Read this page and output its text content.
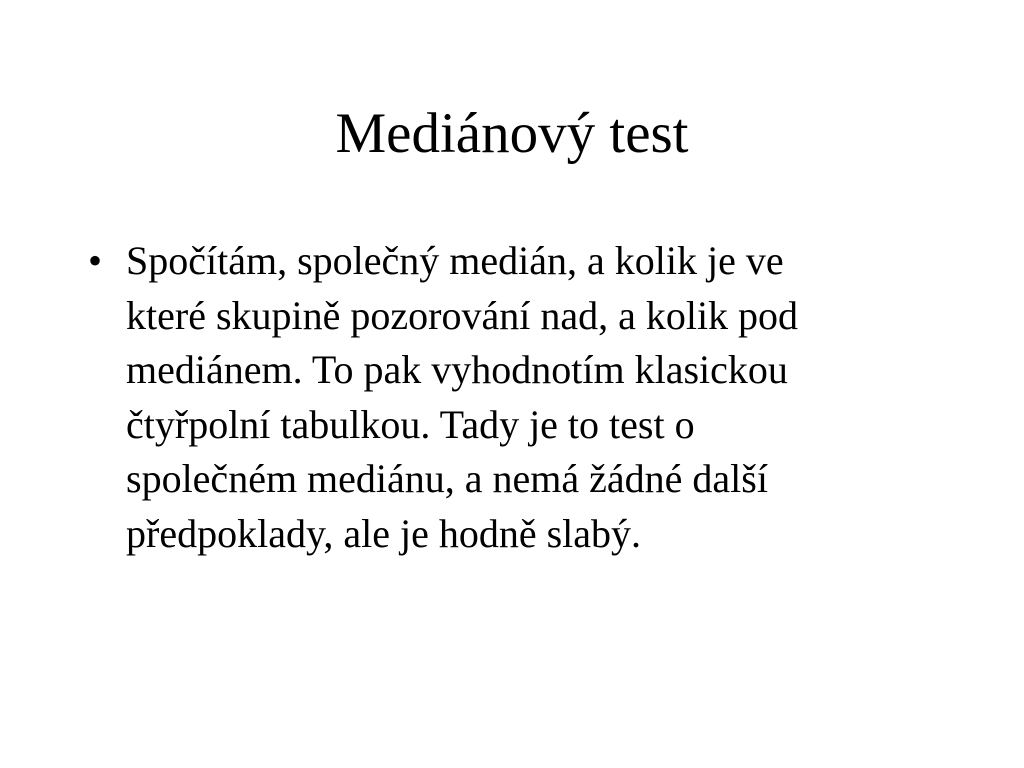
Mediánový test
• Spočítám, společný medián, a kolik je ve
které skupině pozorování nad, a kolik pod
mediánem. To pak vyhodnotím klasickou
čtyřpolní tabulkou. Tady je to test o
společném mediánu, a nemá žádné další
předpoklady, ale je hodně slabý.
